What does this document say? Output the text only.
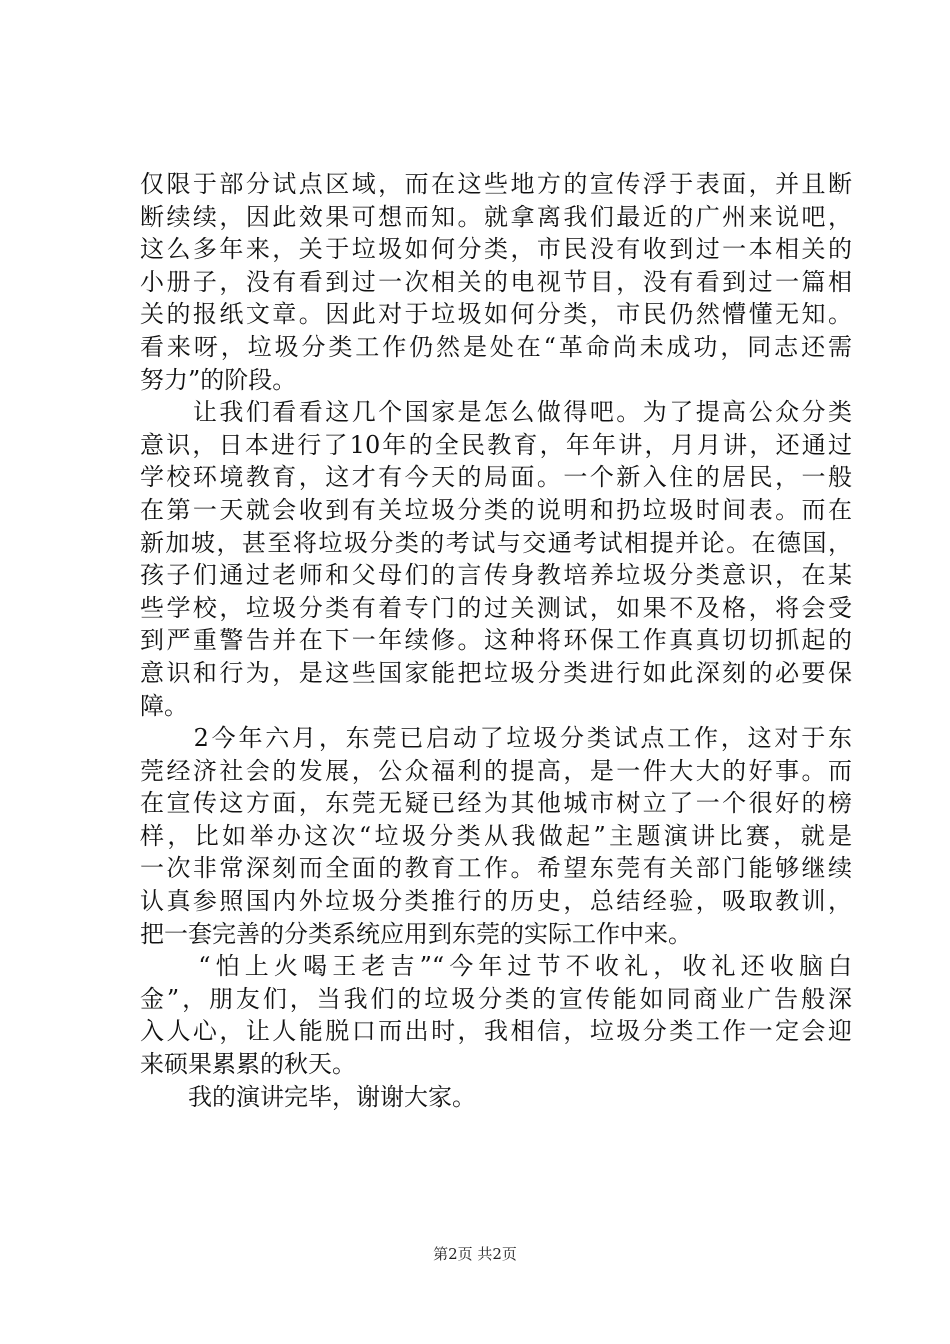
仅限于部分试点区域，而在这些地方的宣传浮于表面，并且断
断续续，因此效果可想而知。就拿离我们最近的广州来说吧，
这么多年来，关于垃圾如何分类，市民没有收到过一本相关的
小册子，没有看到过一次相关的电视节目，没有看到过一篇相
关的报纸文章。因此对于垃圾如何分类，市民仍然懵懂无知。
看来呀，垃圾分类工作仍然是处在“革命尚未成功，同志还需
努力”的阶段。
　　让我们看看这几个国家是怎么做得吧。为了提高公众分类
意识，日本进行了10年的全民教育，年年讲，月月讲，还通过
学校环境教育，这才有今天的局面。一个新入住的居民，一般
在第一天就会收到有关垃圾分类的说明和扔垃圾时间表。而在
新加坡，甚至将垃圾分类的考试与交通考试相提并论。在德国，
孩子们通过老师和父母们的言传身教培养垃圾分类意识，在某
些学校，垃圾分类有着专门的过关测试，如果不及格，将会受
到严重警告并在下一年续修。这种将环保工作真真切切抓起的
意识和行为，是这些国家能把垃圾分类进行如此深刻的必要保
障。
　　2今年六月，东莞已启动了垃圾分类试点工作，这对于东
莞经济社会的发展，公众福利的提高，是一件大大的好事。而
在宣传这方面，东莞无疑已经为其他城市树立了一个很好的榜
样，比如举办这次“垃圾分类从我做起”主题演讲比赛，就是
一次非常深刻而全面的教育工作。希望东莞有关部门能够继续
认真参照国内外垃圾分类推行的历史，总结经验，吸取教训，
把一套完善的分类系统应用到东莞的实际工作中来。
　　“怕上火喝王老吉”“今年过节不收礼，收礼还收脑白
金”，朋友们，当我们的垃圾分类的宣传能如同商业广告般深
入人心，让人能脱口而出时，我相信，垃圾分类工作一定会迎
来硕果累累的秋天。
　　我的演讲完毕，谢谢大家。
第2页 共2页
